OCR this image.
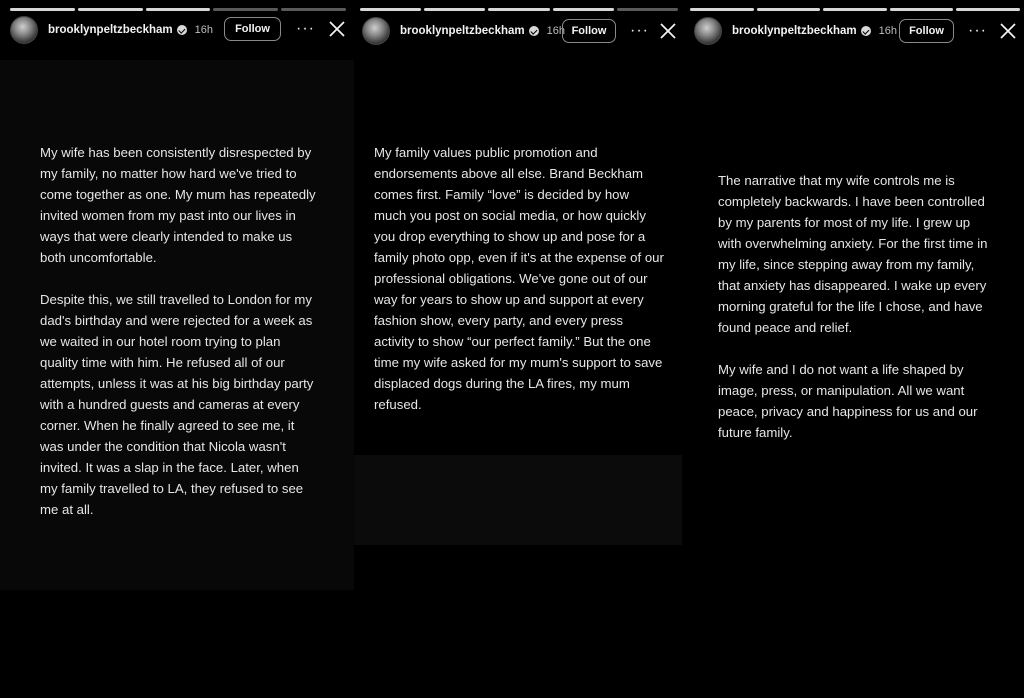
brooklynpeltzbeckham 16h	Follow	···

My wife has been consistently disrespected by my family, no matter how hard we've tried to come together as one. My mum has repeatedly invited women from my past into our lives in ways that were clearly intended to make us both uncomfortable.

Despite this, we still travelled to London for my dad's birthday and were rejected for a week as we waited in our hotel room trying to plan quality time with him. He refused all of our attempts, unless it was at his big birthday party with a hundred guests and cameras at every corner. When he finally agreed to see me, it was under the condition that Nicola wasn't invited. It was a slap in the face. Later, when my family travelled to LA, they refused to see me at all.

brooklynpeltzbeckham 16h Follow	···

My family values public promotion and endorsements above all else. Brand Beckham comes first. Family “love” is decided by how much you post on social media, or how quickly you drop everything to show up and pose for a family photo opp, even if it's at the expense of our professional obligations. We've gone out of our way for years to show up and support at every fashion show, every party, and every press activity to show “our perfect family.” But the one time my wife asked for my mum's support to save displaced dogs during the LA fires, my mum refused.

brooklynpeltzbeckham 16h	Follow	···

The narrative that my wife controls me is completely backwards. I have been controlled by my parents for most of my life. I grew up with overwhelming anxiety. For the first time in my life, since stepping away from my family, that anxiety has disappeared. I wake up every morning grateful for the life I chose, and have found peace and relief.

My wife and I do not want a life shaped by image, press, or manipulation. All we want peace, privacy and happiness for us and our future family.
